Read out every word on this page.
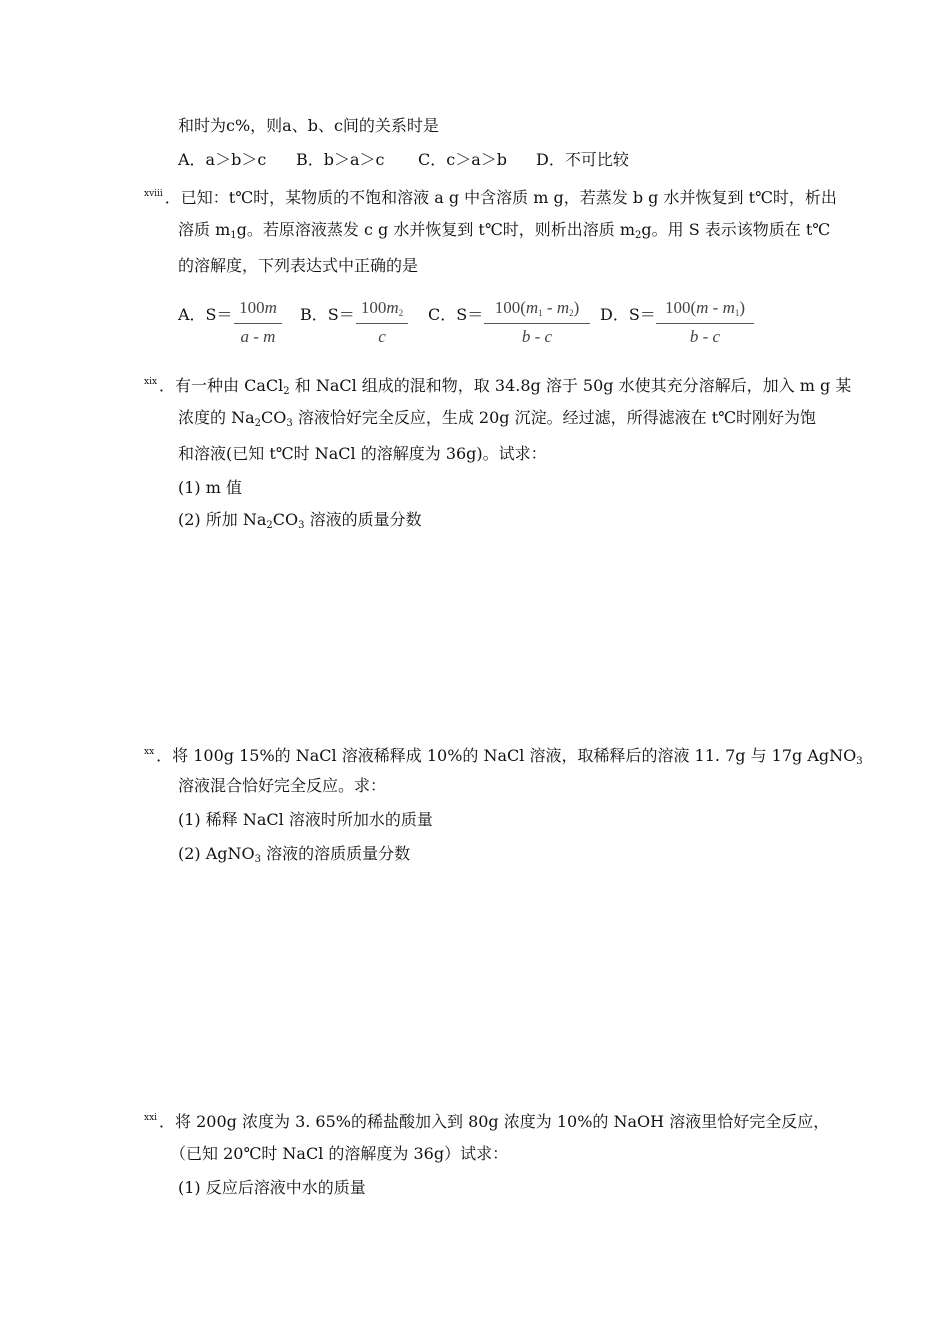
和时为c%，则a、b、c间的关系时是
A．a＞b＞c B．b＞a＞c C．c＞a＞b D．不可比较
$^{xviii}$ ．已知：t℃时，某物质的不饱和溶液 a g 中含溶质 m g，若蒸发 b g 水并恢复到 t℃时，析出
溶质 $m_1g$。若原溶液蒸发 c g 水并恢复到 t℃时，则析出溶质 $m_2g$。用 S 表示该物质在 t℃
的溶解度，下列表达式中正确的是
A．S＝ 100m
a - m
B．$S= 100m_2$
c
C．$S= 100(m_1 - m_2)$
b - c
D．$S= 100(m - m_1)$
b - c
$^{xix}$ ．有一种由 CaCl$_2$ 和 NaCl 组成的混和物，取 34.8g 溶于 50g 水使其充分溶解后，加入 m g 某
浓度的 $Na_2CO_3$ 溶液恰好完全反应，生成 20g 沉淀。经过滤，所得滤液在 t℃时刚好为饱
和溶液(已知 t℃时 NaCl 的溶解度为 36g)。试求：
(1) m 值
(2) 所加 $Na_2CO_3$ 溶液的质量分数
$^{xx}$ ．将 100g 15%的 NaCl 溶液稀释成 10%的 NaCl 溶液，取稀释后的溶液 11. 7g 与 17g AgNO$_3$
溶液混合恰好完全反应。求：
(1) 稀释 NaCl 溶液时所加水的质量
(2) AgNO$_3$ 溶液的溶质质量分数
$^{xxi}$ ．将 200g 浓度为 3. 65%的稀盐酸加入到 80g 浓度为 10%的 NaOH 溶液里恰好完全反应，
（已知 20℃时 NaCl 的溶解度为 36g）试求：
(1) 反应后溶液中水的质量
